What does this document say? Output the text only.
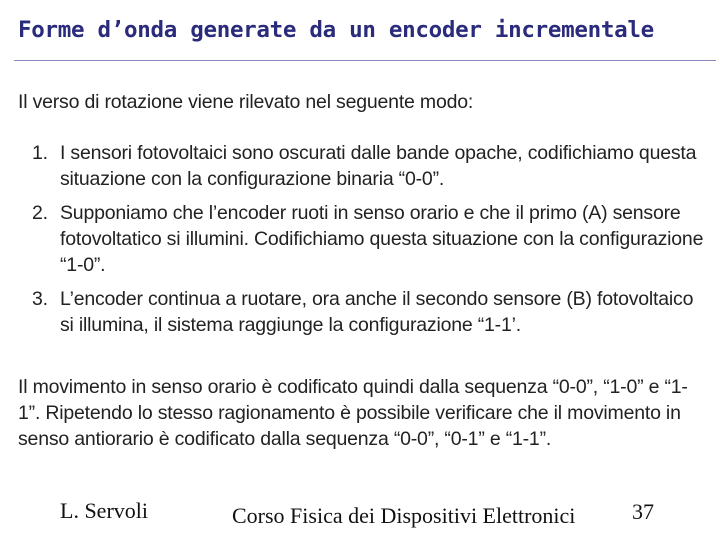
Forme d’onda generate da un encoder incrementale

Il verso di rotazione viene rilevato nel seguente modo:

1. I sensori fotovoltaici sono oscurati dalle bande opache, codifichiamo questa situazione con la configurazione binaria “0-0”.
2. Supponiamo che l’encoder ruoti in senso orario e che il primo (A) sensore fotovoltatico si illumini. Codifichiamo questa situazione con la configurazione “1-0”.
3. L’encoder continua a ruotare, ora anche il secondo sensore (B) fotovoltaico si illumina, il sistema raggiunge la configurazione “1-1’.

Il movimento in senso orario è codificato quindi dalla sequenza “0-0”, “1-0” e “1-1”. Ripetendo lo stesso ragionamento è possibile verificare che il movimento in senso antiorario è codificato dalla sequenza “0-0”, “0-1” e “1-1”.

L. Servoli	Corso Fisica dei Dispositivi Elettronici	37
